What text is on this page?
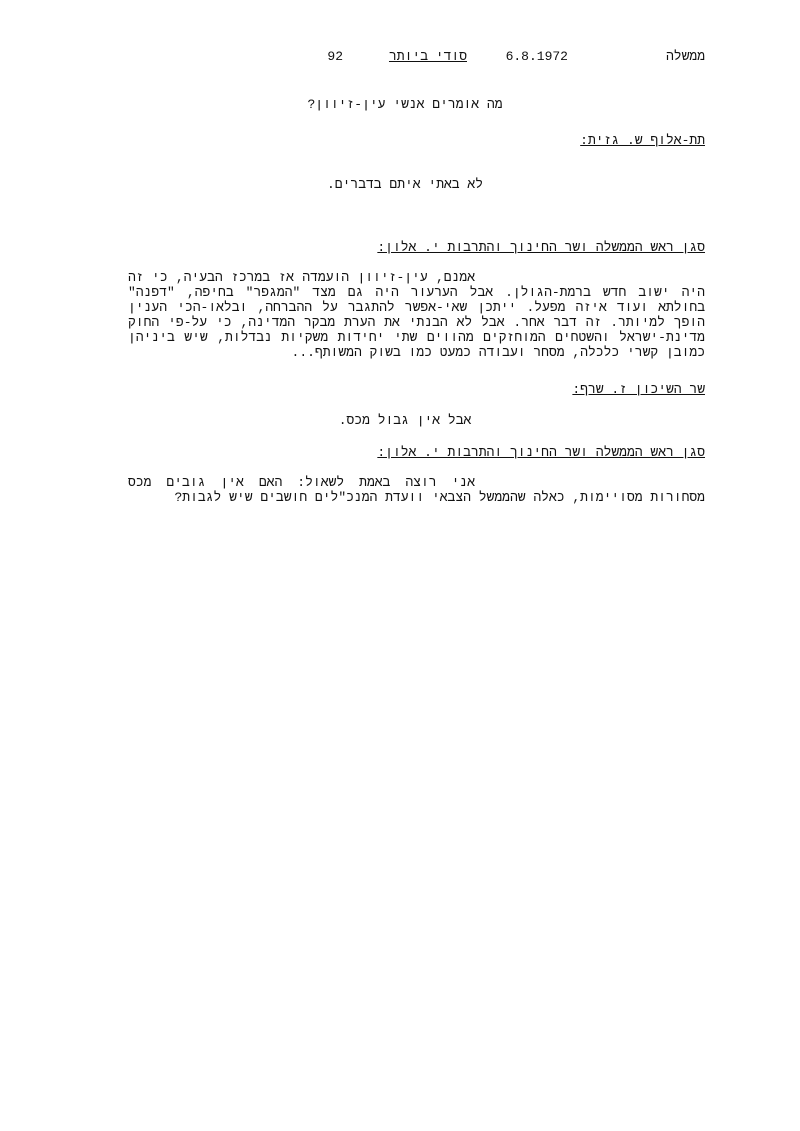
ממשלה
6.8.1972
סודי ביותר
92
מה אומרים אנשי עין-זיוון?
תת-אלוף ש. גזית:
לא באתי איתם בדברים.
סגן ראש הממשלה ושר החינוך והתרבות י. אלון:
אמנם, עין-זיוון הועמדה אז במרכז הבעיה, כי זה
היה ישוב חדש ברמת-הגולן. אבל הערעור היה גם מצד "המגפר" בחיפה, "דפנה"
בחולתא ועוד איזה מפעל. ייתכן שאי-אפשר להתגבר על ההברחה, ובלאו-הכי הענין
הופך למיותר. זה דבר אחר. אבל לא הבנתי את הערת מבקר המדינה, כי על-פי החוק
מדינת-ישראל והשטחים המוחזקים מהווים שתי יחידות משקיות נבדלות, שיש ביניהן
כמובן קשרי כלכלה, מסחר ועבודה כמעט כמו בשוק המשותף...
שר השיכון ז. שרף:
אבל אין גבול מכס.
סגן ראש הממשלה ושר החינוך והתרבות י. אלון:
אני רוצה באמת לשאול: האם אין גובים מכס
מסחורות מסויימות, כאלה שהממשל הצבאי וועדת המנכ"לים חושבים שיש לגבות?
